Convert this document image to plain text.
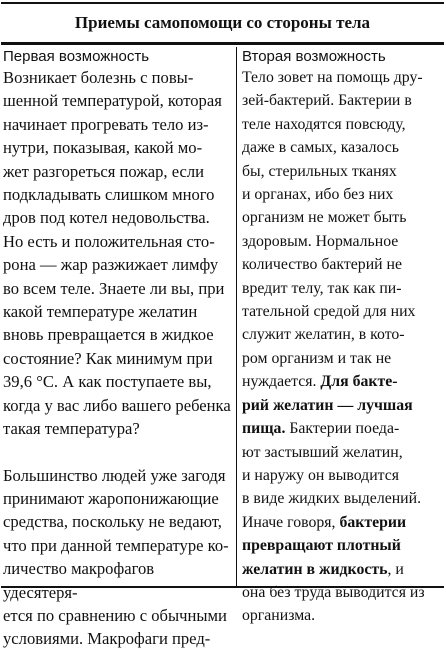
Приемы самопомощи со стороны тела

Первая возможность

Возникает болезнь с повы-
шенной температурой, которая
начинает прогревать тело из-
нутри, показывая, какой мо-
жет разгореться пожар, если
подкладывать слишком много
дров под котел недовольства.
Но есть и положительная сто-
рона — жар разжижает лимфу
во всем теле. Знаете ли вы, при
какой температуре желатин
вновь превращается в жидкое
состояние? Как минимум при
39,6 °С. А как поступаете вы,
когда у вас либо вашего ребенка
такая температура?

Большинство людей уже загодя
принимают жаропонижающие
средства, поскольку не ведают,
что при данной температуре ко-
личество макрофагов удесятеря-
ется по сравнению с обычными
условиями. Макрофаги пред-

Вторая возможность

Тело зовет на помощь дру-
зей-бактерий. Бактерии в
теле находятся повсюду,
даже в самых, казалось
бы, стерильных тканях
и органах, ибо без них
организм не может быть
здоровым. Нормальное
количество бактерий не
вредит телу, так как пи-
тательной средой для них
служит желатин, в кото-
ром организм и так не
нуждается. Для бакте-
рий желатин — лучшая
пища. Бактерии поеда-
ют застывший желатин,
и наружу он выводится
в виде жидких выделений.
Иначе говоря, бактерии
превращают плотный
желатин в жидкость, и
она без труда выводится из
организма.
